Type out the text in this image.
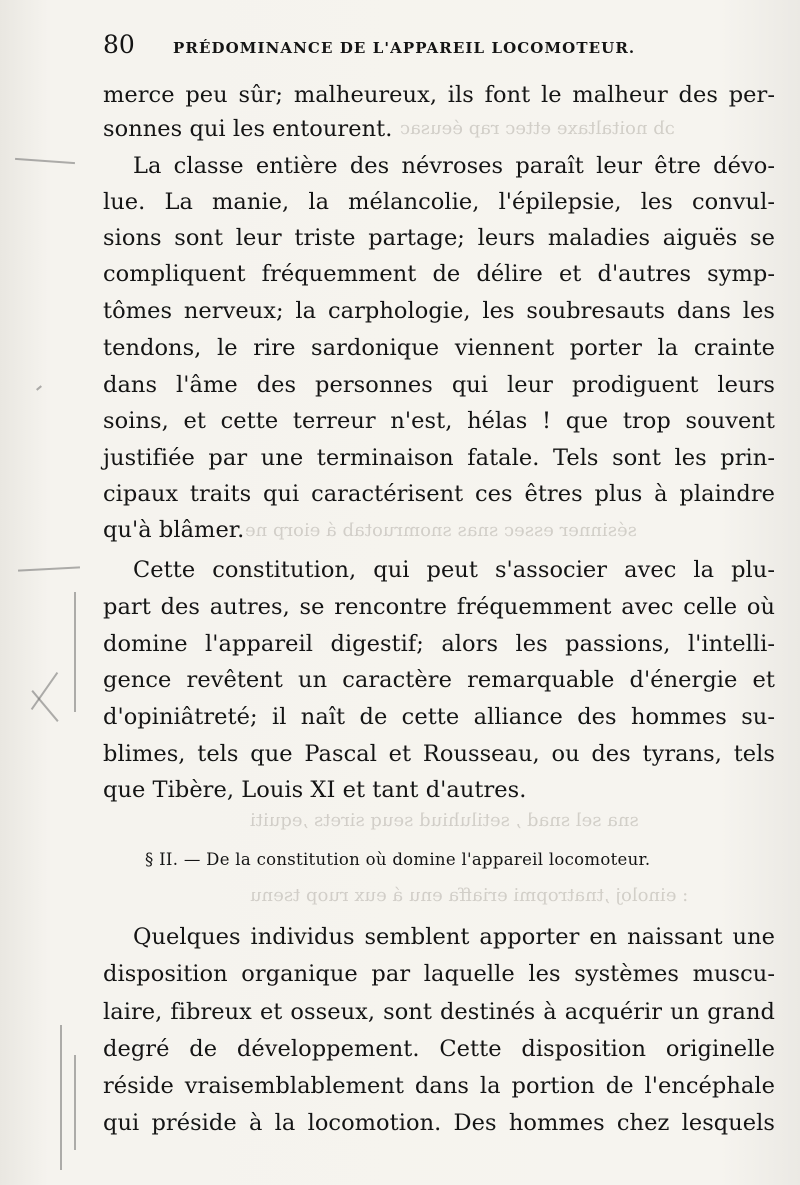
ɔb noitaltaxe ettec rap éeusac
sésinner essec snas snomruotab á eiorp ne
sna sel snad , setiluhiud seuq sirets ,equiti
: einoloj ,tnatropmi eriaffa enu á eux ruop tsenu
80	PRÉDOMINANCE DE L'APPAREIL LOCOMOTEUR.
merce peu sûr; malheureux, ils font le malheur des per-
sonnes qui les entourent.
La classe entière des névroses paraît leur être dévo-
lue. La manie, la mélancolie, l'épilepsie, les convul-
sions sont leur triste partage; leurs maladies aiguës se
compliquent fréquemment de délire et d'autres symp-
tômes nerveux; la carphologie, les soubresauts dans les
tendons, le rire sardonique viennent porter la crainte
dans l'âme des personnes qui leur prodiguent leurs
soins, et cette terreur n'est, hélas ! que trop souvent
justifiée par une terminaison fatale. Tels sont les prin-
cipaux traits qui caractérisent ces êtres plus à plaindre
qu'à blâmer.
Cette constitution, qui peut s'associer avec la plu-
part des autres, se rencontre fréquemment avec celle où
domine l'appareil digestif; alors les passions, l'intelli-
gence revêtent un caractère remarquable d'énergie et
d'opiniâtreté; il naît de cette alliance des hommes su-
blimes, tels que Pascal et Rousseau, ou des tyrans, tels
que Tibère, Louis XI et tant d'autres.
§ II. — De la constitution où domine l'appareil locomoteur.
Quelques individus semblent apporter en naissant une
disposition organique par laquelle les systèmes muscu-
laire, fibreux et osseux, sont destinés à acquérir un grand
degré de développement. Cette disposition originelle
réside vraisemblablement dans la portion de l'encéphale
qui préside à la locomotion. Des hommes chez lesquels
